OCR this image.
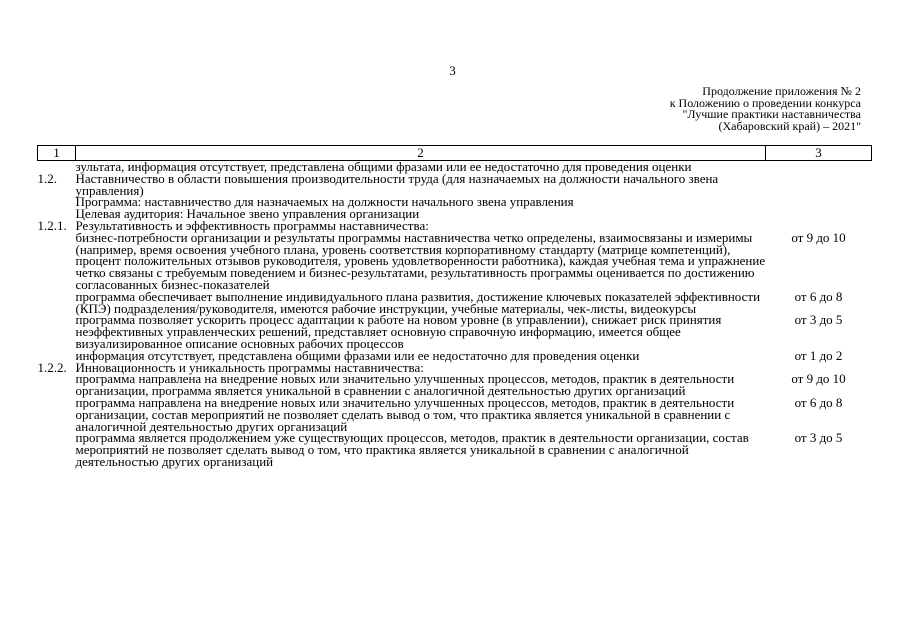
3
Продолжение приложения № 2
к Положению о проведении конкурса
"Лучшие практики наставничества
(Хабаровский край) – 2021"
1	2	3
	зультата, информация отсутствует, представлена общими фразами или ее недостаточно для проведения оценки	
1.2.	Наставничество в области повышения производительности труда (для назначаемых на должности начального звена управления)	
	Программа: наставничество для назначаемых на должности начального звена управления	
	Целевая аудитория: Начальное звено управления организации	
1.2.1.	Результативность и эффективность программы наставничества:	
	бизнес-потребности организации и результаты программы наставничества четко определены, взаимосвязаны и измеримы (например, время освоения учебного плана, уровень соответствия корпоративному стандарту (матрице компетенций), процент положительных отзывов руководителя, уровень удовлетворенности работника), каждая учебная тема и упражнение четко связаны с требуемым поведением и бизнес-результатами, результативность программы оценивается по достижению согласованных бизнес-показателей	от 9 до 10
	программа обеспечивает выполнение индивидуального плана развития, достижение ключевых показателей эффективности (КПЭ) подразделения/руководителя, имеются рабочие инструкции, учебные материалы, чек-листы, видеокурсы	от 6 до 8
	программа позволяет ускорить процесс адаптации к работе на новом уровне (в управлении), снижает риск принятия неэффективных управленческих решений, представляет основную справочную информацию, имеется общее визуализированное описание основных рабочих процессов	от 3 до 5
	информация отсутствует, представлена общими фразами или ее недостаточно для проведения оценки	от 1 до 2
1.2.2.	Инновационность и уникальность программы наставничества:	
	программа направлена на внедрение новых или значительно улучшенных процессов, методов, практик в деятельности организации, программа является уникальной в сравнении с аналогичной деятельностью других организаций	от 9 до 10
	программа направлена на внедрение новых или значительно улучшенных процессов, методов, практик в деятельности организации, состав мероприятий не позволяет сделать вывод о том, что практика является уникальной в сравнении с аналогичной деятельностью других организаций	от 6 до 8
	программа является продолжением уже существующих процессов, методов, практик в деятельности организации, состав мероприятий не позволяет сделать вывод о том, что практика является уникальной в сравнении с аналогичной деятельностью других организаций	от 3 до 5
